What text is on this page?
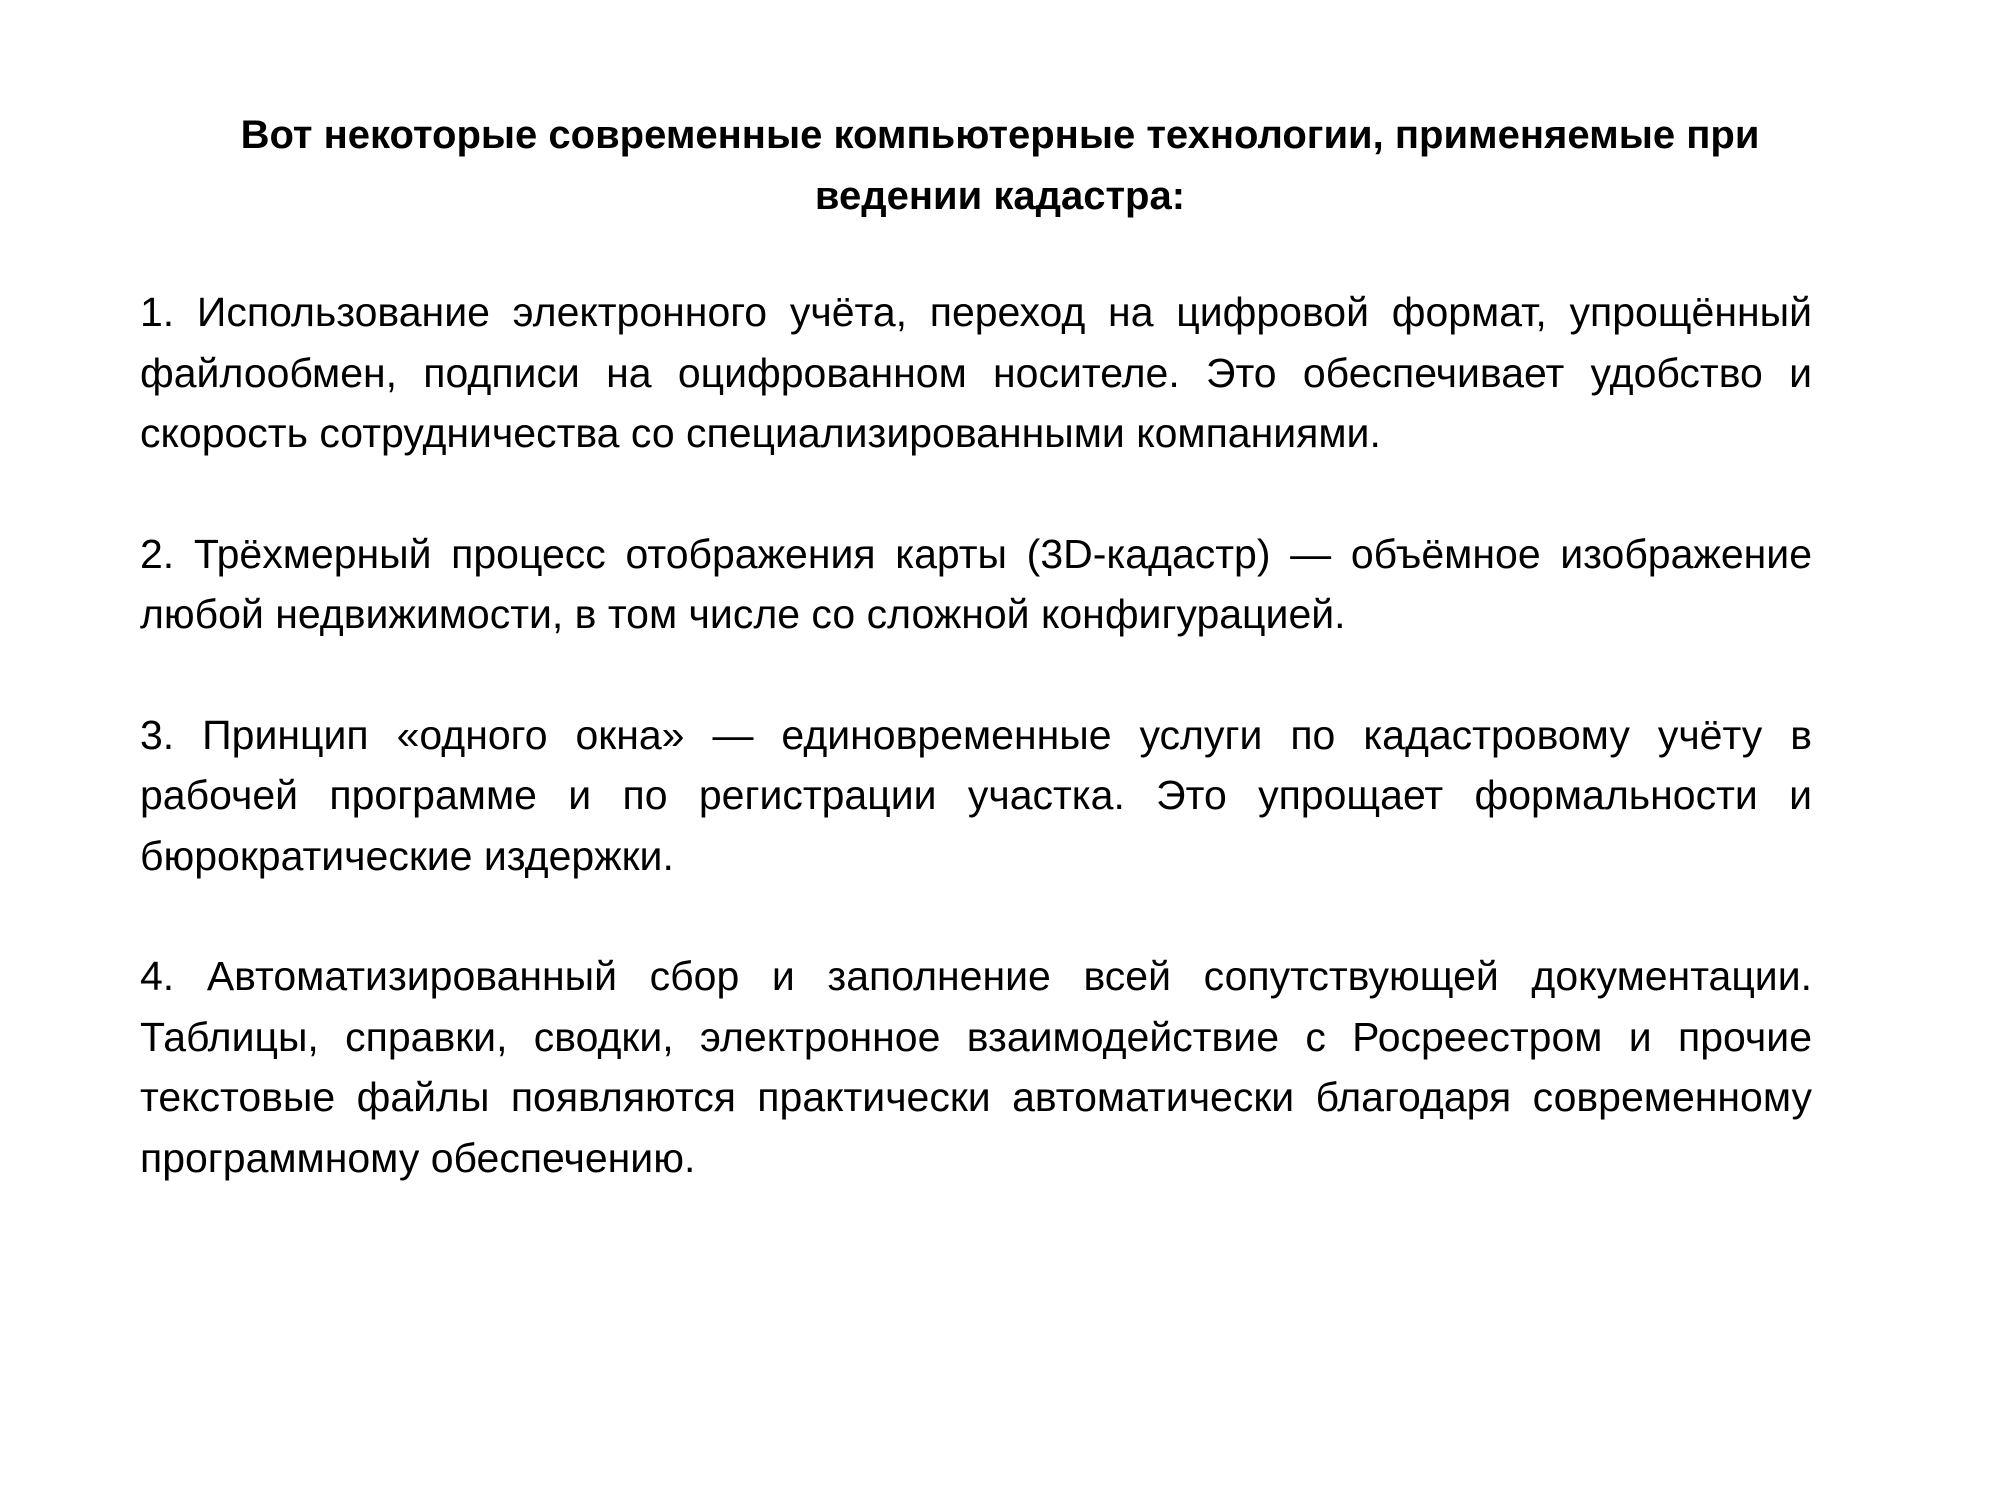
Вот некоторые современные компьютерные технологии, применяемые при ведении кадастра:

1. Использование электронного учёта, переход на цифровой формат, упрощённый файлообмен, подписи на оцифрованном носителе. Это обеспечивает удобство и скорость сотрудничества со специализированными компаниями.

2. Трёхмерный процесс отображения карты (3D-кадастр) — объёмное изображение любой недвижимости, в том числе со сложной конфигурацией.

3. Принцип «одного окна» — единовременные услуги по кадастровому учёту в рабочей программе и по регистрации участка. Это упрощает формальности и бюрократические издержки.

4. Автоматизированный сбор и заполнение всей сопутствующей документации. Таблицы, справки, сводки, электронное взаимодействие с Росреестром и прочие текстовые файлы появляются практически автоматически благодаря современному программному обеспечению.
